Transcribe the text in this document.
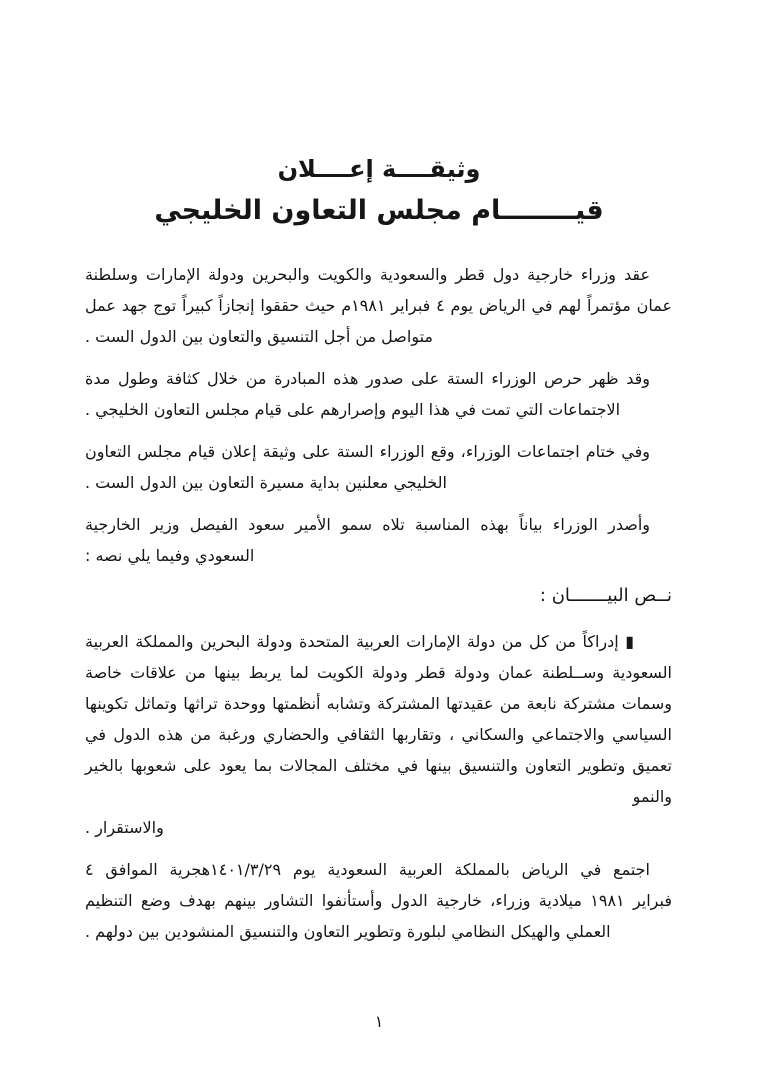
وثيقــــة إعــــلان
قيــــــــام مجلس التعاون الخليجي
عقد وزراء خارجية دول قطر والسعودية والكويت والبحرين ودولة الإمارات وسلطنة
عمان مؤتمراً لهم في الرياض يوم ٤ فبراير ١٩٨١م حيث حققوا إنجازاً كبيراً توج جهد عمل
متواصل من أجل التنسيق والتعاون بين الدول الست .
وقد ظهر حرص الوزراء الستة على صدور هذه المبادرة من خلال كثافة وطول مدة
الاجتماعات التي تمت في هذا اليوم وإصرارهم على قيام مجلس التعاون الخليجي .
وفي ختام اجتماعات الوزراء، وقع الوزراء الستة على وثيقة إعلان قيام مجلس التعاون
الخليجي معلنين بداية مسيرة التعاون بين الدول الست .
وأصدر الوزراء بياناً بهذه المناسبة تلاه سمو الأمير سعود الفيصل وزير الخارجية
السعودي وفيما يلي نصه :
نــص البيـــــــان :
▮ إدراكاً من كل من دولة الإمارات العربية المتحدة ودولة البحرين والمملكة العربية
السعودية وســلطنة عمان ودولة قطر ودولة الكويت لما يربط بينها من علاقات خاصة
وسمات مشتركة نابعة من عقيدتها المشتركة وتشابه أنظمتها ووحدة تراثها وتماثل تكوينها
السياسي والاجتماعي والسكاني ، وتقاربها الثقافي والحضاري ورغبة من هذه الدول في
تعميق وتطوير التعاون والتنسيق بينها في مختلف المجالات بما يعود على شعوبها بالخير والنمو
والاستقرار .
اجتمع في الرياض بالمملكة العربية السعودية يوم ١٤٠١/٣/٢٩هجرية الموافق ٤
فبراير ١٩٨١ ميلادية وزراء، خارجية الدول وأستأنفوا التشاور بينهم بهدف وضع التنظيم
العملي والهيكل النظامي لبلورة وتطوير التعاون والتنسيق المنشودين بين دولهم .
١
